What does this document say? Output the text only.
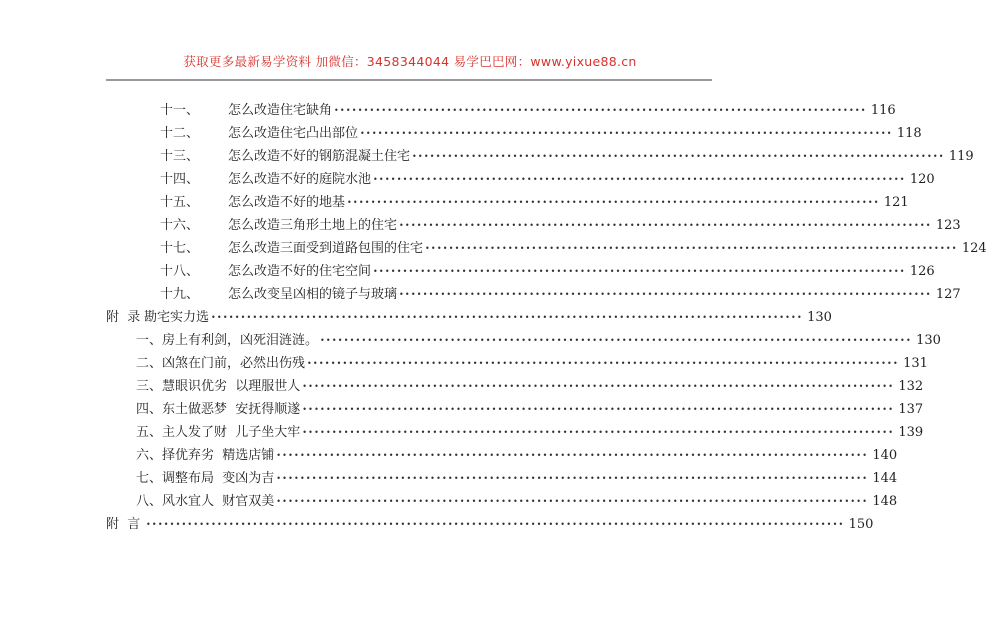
获取更多最新易学资料 加微信：3458344044 易学巴巴网：www.yixue88.cn
十一、	怎么改造住宅缺角 •••••••••••••••••••••••••••••••••••••••••••••••••••••••••••••••••••••••••••••••••••••••••• 116
十二、	怎么改造住宅凸出部位 •••••••••••••••••••••••••••••••••••••••••••••••••••••••••••••••••••••••••••••••••••••••••• 118
十三、	怎么改造不好的钢筋混凝土住宅 •••••••••••••••••••••••••••••••••••••••••••••••••••••••••••••••••••••••••••••••••••••••••• 119
十四、	怎么改造不好的庭院水池 •••••••••••••••••••••••••••••••••••••••••••••••••••••••••••••••••••••••••••••••••••••••••• 120
十五、	怎么改造不好的地基 •••••••••••••••••••••••••••••••••••••••••••••••••••••••••••••••••••••••••••••••••••••••••• 121
十六、	怎么改造三角形土地上的住宅 •••••••••••••••••••••••••••••••••••••••••••••••••••••••••••••••••••••••••••••••••••••••••• 123
十七、	怎么改造三面受到道路包围的住宅 •••••••••••••••••••••••••••••••••••••••••••••••••••••••••••••••••••••••••••••••••••••••••• 124
十八、	怎么改造不好的住宅空间 •••••••••••••••••••••••••••••••••••••••••••••••••••••••••••••••••••••••••••••••••••••••••• 126
十九、	怎么改变呈凶相的镜子与玻璃 •••••••••••••••••••••••••••••••••••••••••••••••••••••••••••••••••••••••••••••••••••••••••• 127
附  录 勘宅实力选 •••••••••••••••••••••••••••••••••••••••••••••••••••••••••••••••••••••••••••••••••••••••••••••••••••• 130
一、房上有利剑，凶死泪涟涟。 •••••••••••••••••••••••••••••••••••••••••••••••••••••••••••••••••••••••••••••••••••••••••••••••••••• 130
二、凶煞在门前，必然出伤残 •••••••••••••••••••••••••••••••••••••••••••••••••••••••••••••••••••••••••••••••••••••••••••••••••••• 131
三、慧眼识优劣  以理服世人 •••••••••••••••••••••••••••••••••••••••••••••••••••••••••••••••••••••••••••••••••••••••••••••••••••• 132
四、东土做恶梦  安抚得顺遂 •••••••••••••••••••••••••••••••••••••••••••••••••••••••••••••••••••••••••••••••••••••••••••••••••••• 137
五、主人发了财  儿子坐大牢 •••••••••••••••••••••••••••••••••••••••••••••••••••••••••••••••••••••••••••••••••••••••••••••••••••• 139
六、择优弃劣  精选店铺 •••••••••••••••••••••••••••••••••••••••••••••••••••••••••••••••••••••••••••••••••••••••••••••••••••• 140
七、调整布局  变凶为吉 •••••••••••••••••••••••••••••••••••••••••••••••••••••••••••••••••••••••••••••••••••••••••••••••••••• 144
八、风水宜人  财官双美 •••••••••••••••••••••••••••••••••••••••••••••••••••••••••••••••••••••••••••••••••••••••••••••••••••• 148
附  言 •••••••••••••••••••••••••••••••••••••••••••••••••••••••••••••••••••••••••••••••••••••••••••••••••••••••••••••••••••••• 150
